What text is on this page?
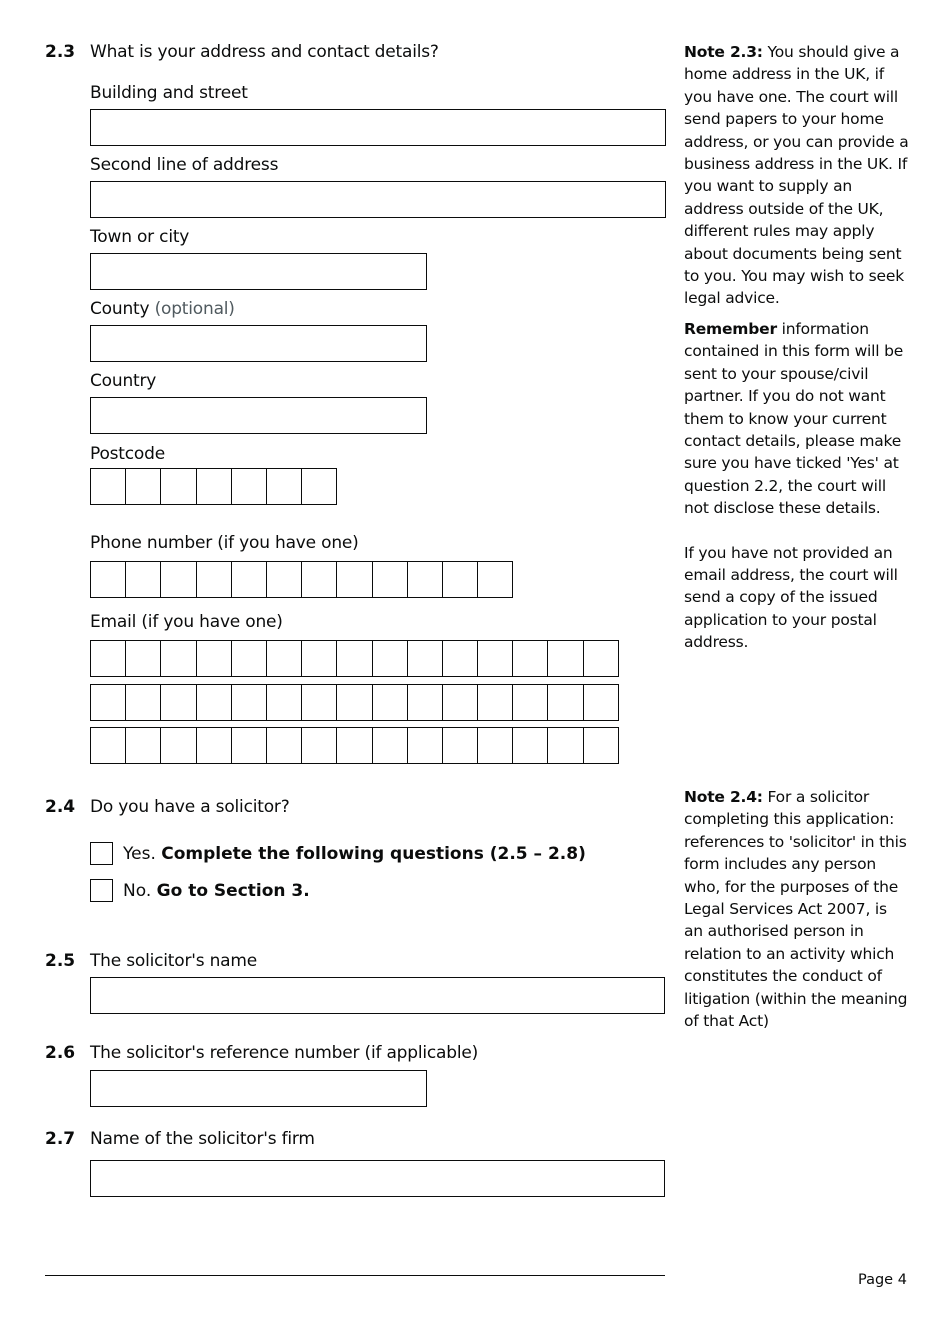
2.3 What is your address and contact details?
Building and street
Second line of address
Town or city
County (optional)
Country
Postcode
Phone number (if you have one)
Email (if you have one)

Note 2.3: You should give a home address in the UK, if you have one. The court will send papers to your home address, or you can provide a business address in the UK. If you want to supply an address outside of the UK, different rules may apply about documents being sent to you. You may wish to seek legal advice.

Remember information contained in this form will be sent to your spouse/civil partner. If you do not want them to know your current contact details, please make sure you have ticked 'Yes' at question 2.2, the court will not disclose these details.

If you have not provided an email address, the court will send a copy of the issued application to your postal address.

2.4 Do you have a solicitor?
Yes. Complete the following questions (2.5 – 2.8)
No. Go to Section 3.

Note 2.4: For a solicitor completing this application: references to 'solicitor' in this form includes any person who, for the purposes of the Legal Services Act 2007, is an authorised person in relation to an activity which constitutes the conduct of litigation (within the meaning of that Act)

2.5 The solicitor's name
2.6 The solicitor's reference number (if applicable)
2.7 Name of the solicitor's firm
Page 4
